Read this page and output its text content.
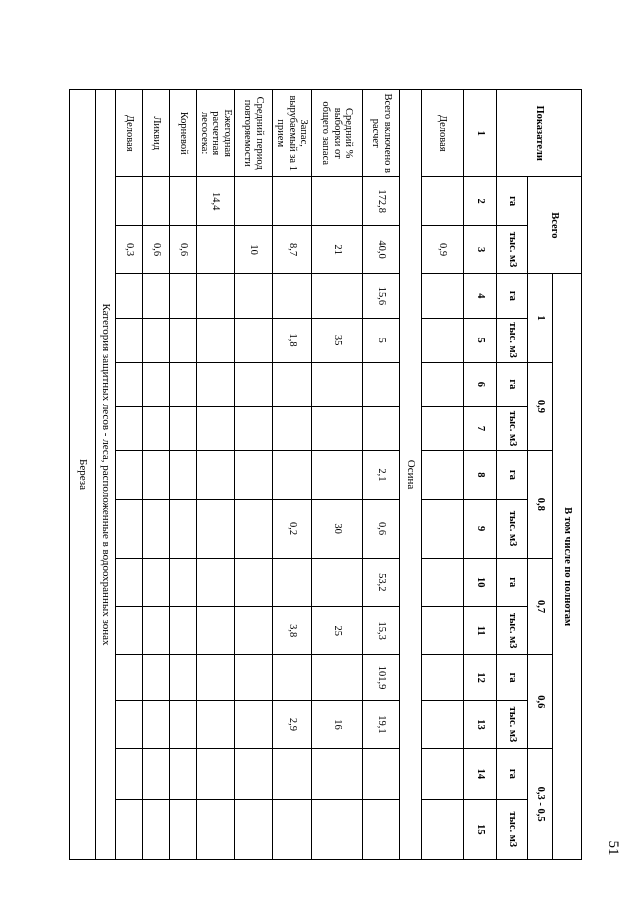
51
Показатели	Всего		В том числе по полнотам											
			1		0,9		0,8		0,7		0,6		0,3 - 0,5	
	га	тыс. м3	га	тыс. м3	га	тыс. м3	га	тыс. м3	га	тыс. м3	га	тыс. м3	га	тыс. м3
1	2	3	4	5	6	7	8	9	10	11	12	13	14	15
Деловая		0,9												
Осина														
Всего включено в расчет	172,8	40,0	15,6	5			2,1	0,6	53,2	15,3	101,9	19,1		
Средний % выборки от общего запаса		21		35				30		25		16		
Запас, вырубаемый за 1 прием		8,7		1,8				0,2		3,8		2,9		
Средний период повторяемости		10												
Ежегодная расчетная лесосека:	14,4													
Корневой		0,6												
Ликвид		0,6												
Деловая		0,3												
Категория защитных лесов - леса, расположенные в водоохранных зонах														
Береза														
